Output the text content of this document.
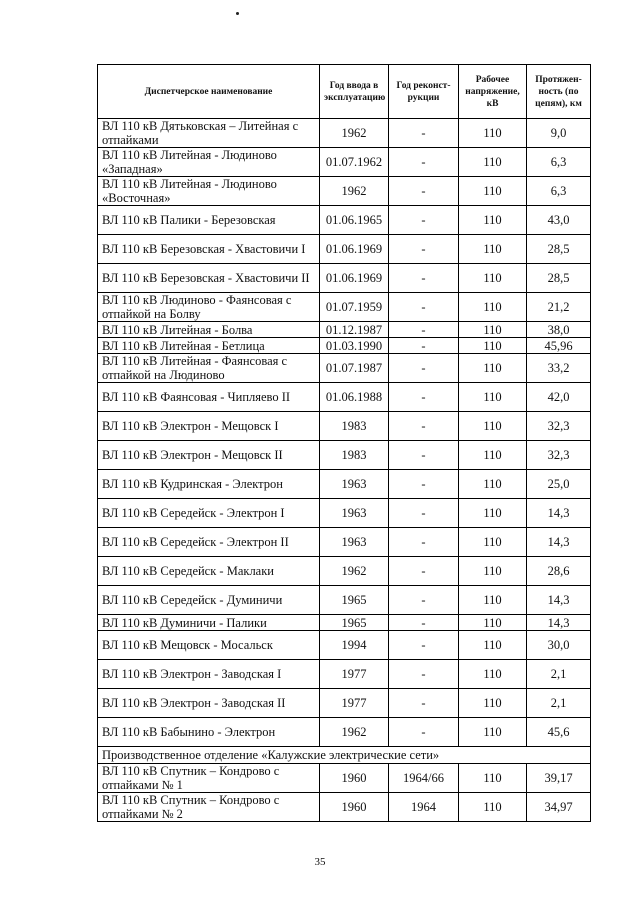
Диспетчерское наименование	Год ввода в эксплуатацию	Год реконст-рукции	Рабочее напряжение, кВ	Протяжен-ность (по цепям), км
ВЛ 110 кВ Дятьковская – Литейная с отпайками	1962	-	110	9,0
ВЛ 110 кВ Литейная - Людиново «Западная»	01.07.1962	-	110	6,3
ВЛ 110 кВ Литейная - Людиново «Восточная»	1962	-	110	6,3
ВЛ 110 кВ Палики - Березовская	01.06.1965	-	110	43,0
ВЛ 110 кВ Березовская - Хвастовичи I	01.06.1969	-	110	28,5
ВЛ 110 кВ Березовская - Хвастовичи II	01.06.1969	-	110	28,5
ВЛ 110 кВ Людиново - Фаянсовая с отпайкой на Болву	01.07.1959	-	110	21,2
ВЛ 110 кВ Литейная - Болва	01.12.1987	-	110	38,0
ВЛ 110 кВ Литейная - Бетлица	01.03.1990	-	110	45,96
ВЛ 110 кВ Литейная - Фаянсовая с отпайкой на Людиново	01.07.1987	-	110	33,2
ВЛ 110 кВ Фаянсовая - Чипляево II	01.06.1988	-	110	42,0
ВЛ 110 кВ Электрон - Мещовск I	1983	-	110	32,3
ВЛ 110 кВ Электрон - Мещовск II	1983	-	110	32,3
ВЛ 110 кВ Кудринская - Электрон	1963	-	110	25,0
ВЛ 110 кВ Середейск - Электрон I	1963	-	110	14,3
ВЛ 110 кВ Середейск - Электрон II	1963	-	110	14,3
ВЛ 110 кВ Середейск - Маклаки	1962	-	110	28,6
ВЛ 110 кВ Середейск - Думиничи	1965	-	110	14,3
ВЛ 110 кВ Думиничи - Палики	1965	-	110	14,3
ВЛ 110 кВ Мещовск - Мосальск	1994	-	110	30,0
ВЛ 110 кВ Электрон - Заводская I	1977	-	110	2,1
ВЛ 110 кВ Электрон - Заводская II	1977	-	110	2,1
ВЛ 110 кВ Бабынино - Электрон	1962	-	110	45,6
Производственное отделение «Калужские электрические сети»				
ВЛ 110 кВ Спутник – Кондрово с отпайками № 1	1960	1964/66	110	39,17
ВЛ 110 кВ Спутник – Кондрово с отпайками № 2	1960	1964	110	34,97
35
